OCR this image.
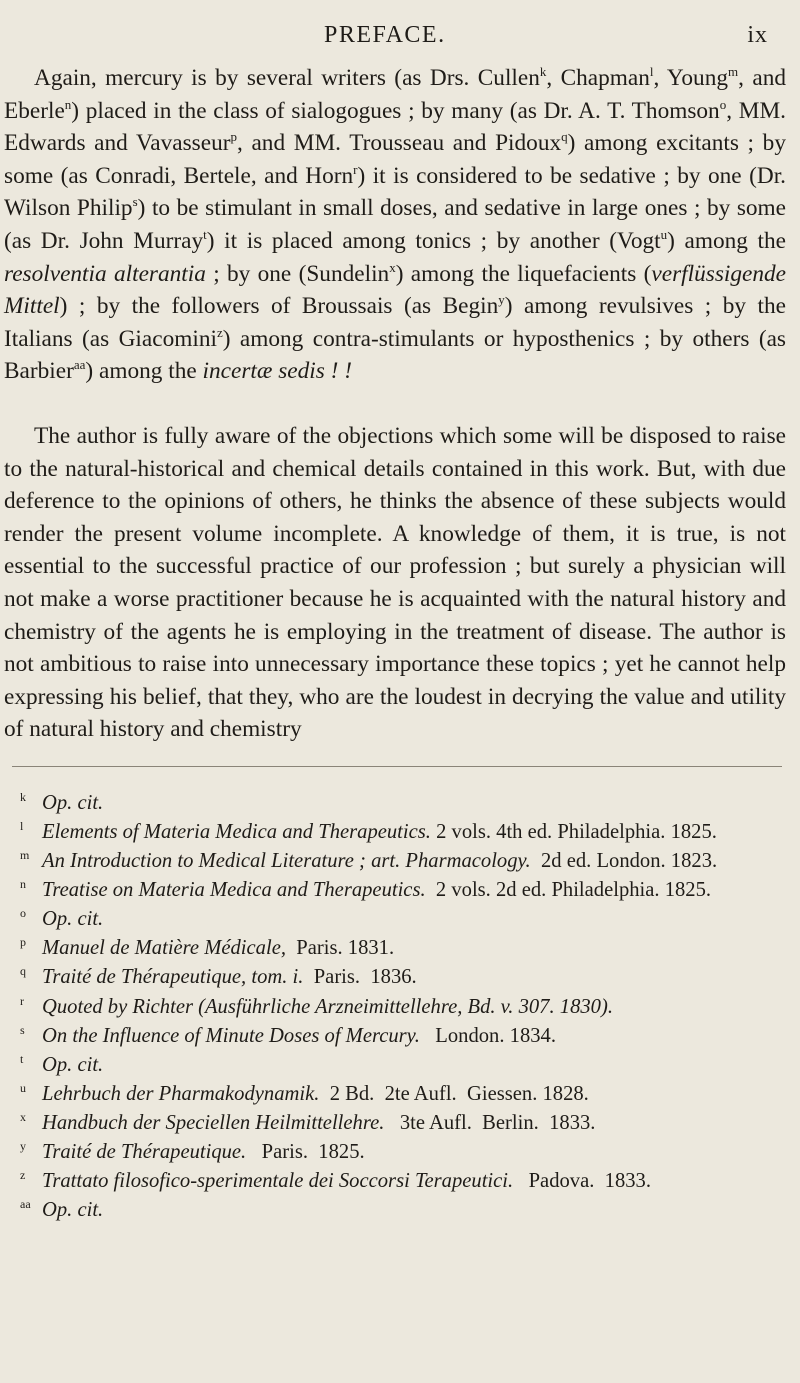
PREFACE.	ix

Again, mercury is by several writers (as Drs. Cullen$^k$, Chapman$^l$, Young$^m$, and Eberle$^n$) placed in the class of sialogogues ; by many (as Dr. A. T. Thomson$^o$, MM. Edwards and Vavasseur$^p$, and MM. Trousseau and Pidoux$^q$) among excitants ; by some (as Conradi, Bertele, and Horn$^r$) it is considered to be sedative ; by one (Dr. Wilson Philip$^s$) to be stimulant in small doses, and sedative in large ones ; by some (as Dr. John Murray$^t$) it is placed among tonics ; by another (Vogt$^u$) among the resolventia alterantia ; by one (Sundelin$^x$) among the liquefacients (verflüssigende Mittel) ; by the followers of Broussais (as Begin$^y$) among revulsives ; by the Italians (as Giacomini$^z$) among contra-stimulants or hyposthenics ; by others (as Barbier$^{aa}$) among the incertæ sedis ! !

The author is fully aware of the objections which some will be disposed to raise to the natural-historical and chemical details contained in this work. But, with due deference to the opinions of others, he thinks the absence of these subjects would render the present volume incomplete. A knowledge of them, it is true, is not essential to the successful practice of our profession ; but surely a physician will not make a worse practitioner because he is acquainted with the natural history and chemistry of the agents he is employing in the treatment of disease. The author is not ambitious to raise into unnecessary importance these topics ; yet he cannot help expressing his belief, that they, who are the loudest in decrying the value and utility of natural history and chemistry

k Op. cit.
l Elements of Materia Medica and Therapeutics. 2 vols. 4th ed. Philadelphia. 1825.
m An Introduction to Medical Literature ; art. Pharmacology.  2d ed. London. 1823.
n Treatise on Materia Medica and Therapeutics.  2 vols. 2d ed. Philadelphia. 1825.
o Op. cit.
p Manuel de Matière Médicale,  Paris. 1831.
q Traité de Thérapeutique, tom. i.  Paris.  1836.
r Quoted by Richter (Ausführliche Arzneimittellehre, Bd. v. 307. 1830).
s On the Influence of Minute Doses of Mercury.   London. 1834.
t Op. cit.
u Lehrbuch der Pharmakodynamik.  2 Bd.  2te Aufl.  Giessen. 1828.
x Handbuch der Speciellen Heilmittellehre.   3te Aufl.  Berlin.  1833.
y Traité de Thérapeutique.   Paris.  1825.
z Trattato filosofico-sperimentale dei Soccorsi Terapeutici.   Padova.  1833.
aa Op. cit.
